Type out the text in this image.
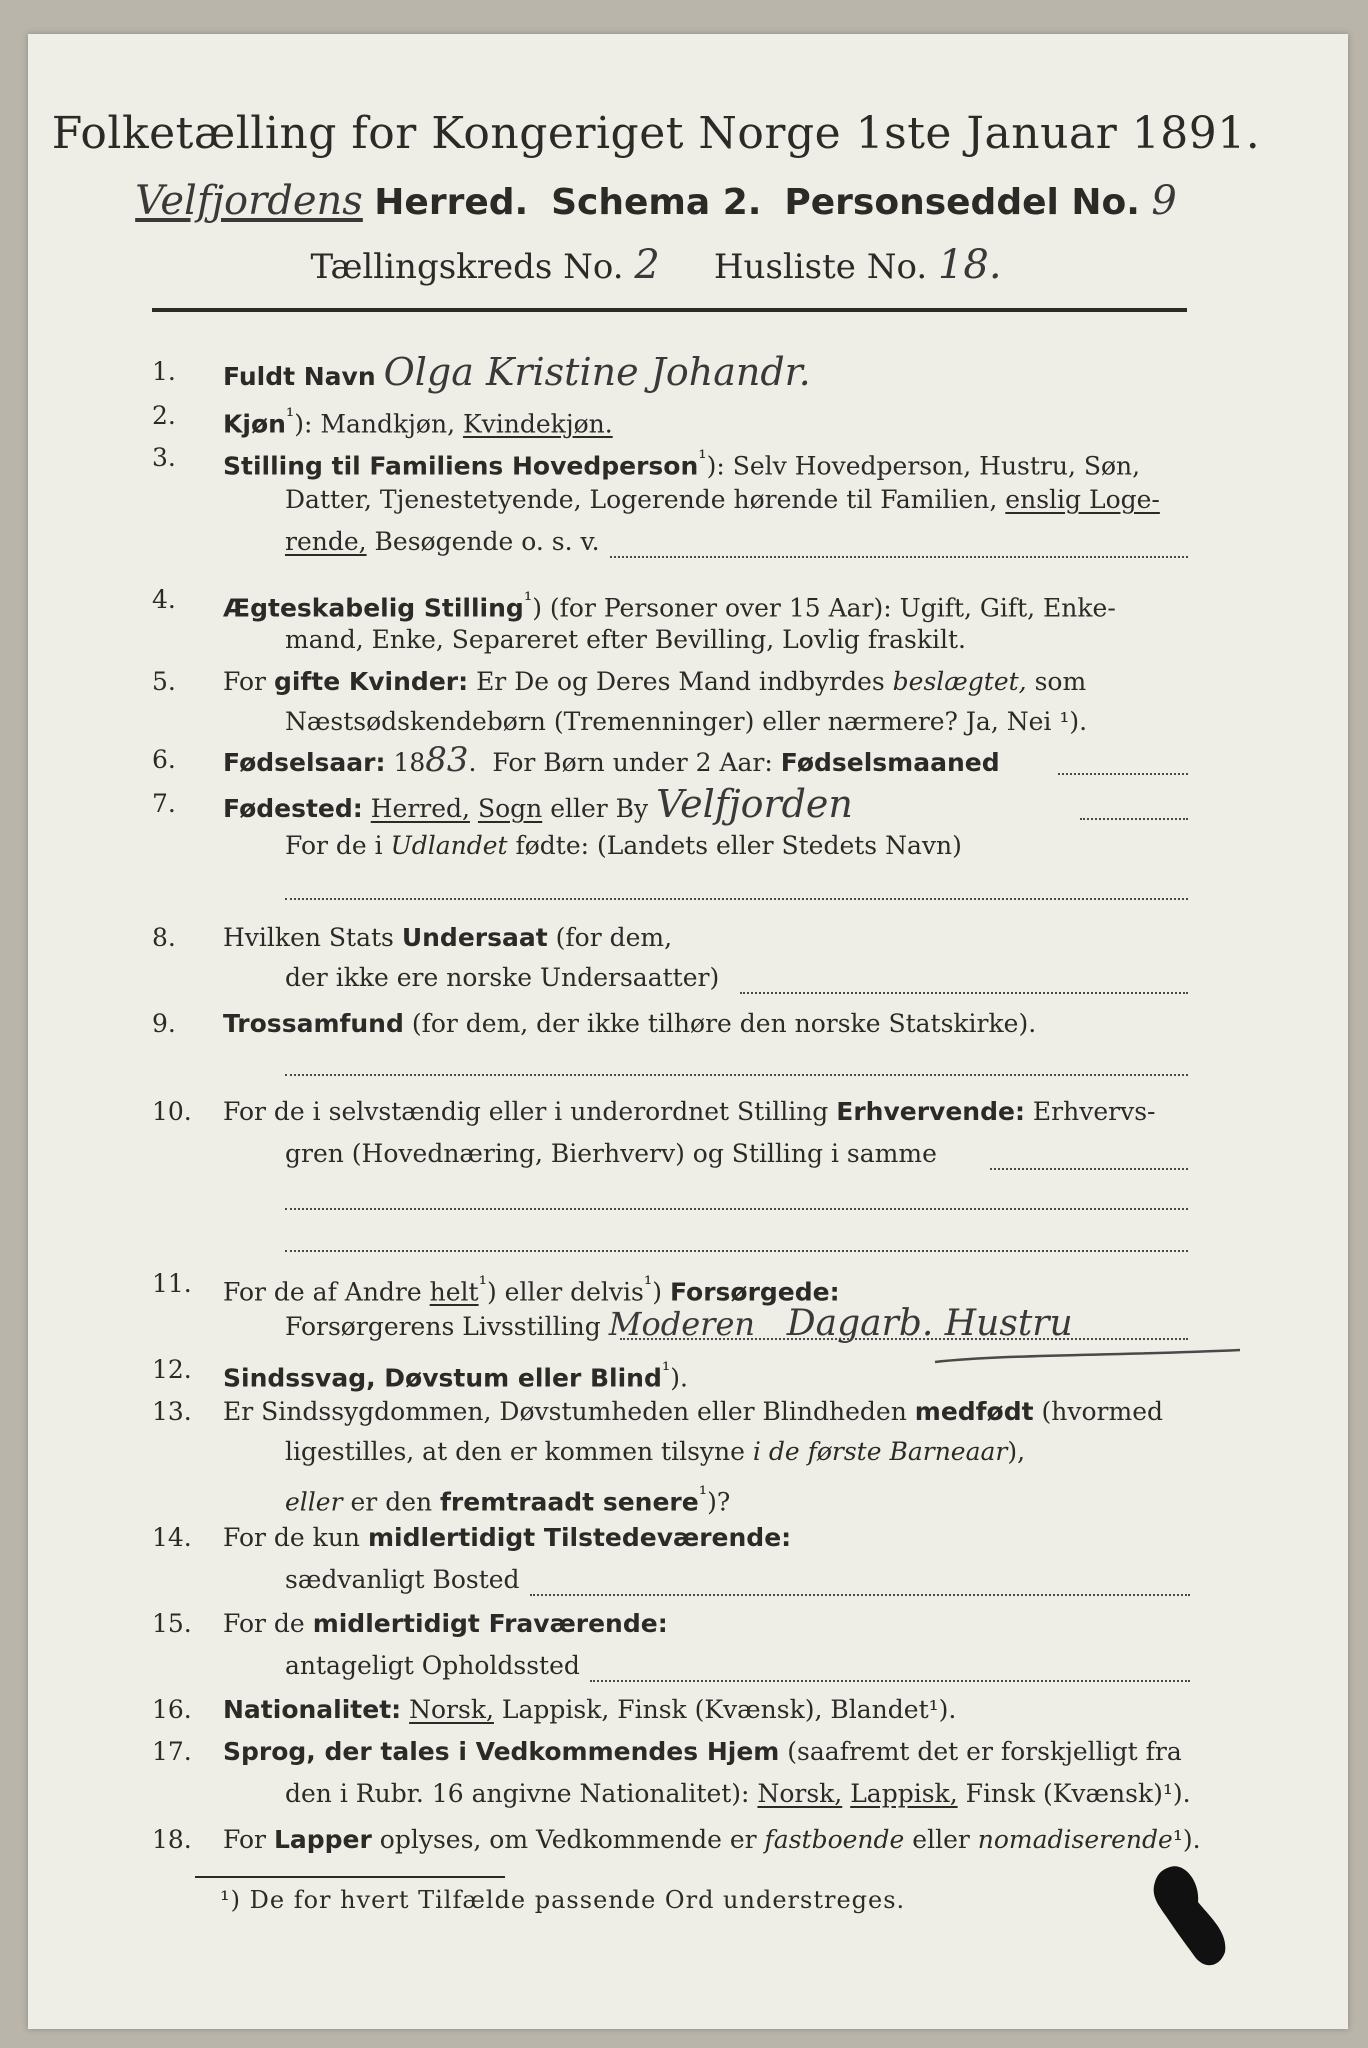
Folketælling for Kongeriget Norge 1ste Januar 1891.
Velfjordens Herred. Schema 2. Personseddel No. 9
Tællingskreds No. 2 Husliste No. 18.
1.	Fuldt Navn Olga Kristine Johandr.
2.	Kjøn$^{^1}$): Mandkjøn, Kvindekjøn.
3.	Stilling til Familiens Hovedperson$^{^1}$): Selv Hovedperson, Hustru, Søn,
Datter, Tjenestetyende, Logerende hørende til Familien, enslig Loge-
rende, Besøgende o. s. v.
4.	Ægteskabelig Stilling$^{^1}$) (for Personer over 15 Aar): Ugift, Gift, Enke-
mand, Enke, Separeret efter Bevilling, Lovlig fraskilt.
5.	For gifte Kvinder: Er De og Deres Mand indbyrdes beslægtet, som
Næstsødskendebørn (Tremenninger) eller nærmere? Ja, Nei ¹).
6.	Fødselsaar: 1883.  For Børn under 2 Aar: Fødselsmaaned
7.	Fødested: Herred, Sogn eller By Velfjorden
For de i Udlandet fødte: (Landets eller Stedets Navn)
8.	Hvilken Stats Undersaat (for dem,
der ikke ere norske Undersaatter)
9.	Trossamfund (for dem, der ikke tilhøre den norske Statskirke).
10.	For de i selvstændig eller i underordnet Stilling Erhvervende: Erhvervs-
gren (Hovednæring, Bierhverv) og Stilling i samme
11.	For de af Andre helt$^{^1}$) eller delvis$^{^1}$) Forsørgede:
Forsørgerens Livsstilling Moderen Dagarb. Hustru
12.	Sindssvag, Døvstum eller Blind$^{^1}$).
13.	Er Sindssygdommen, Døvstumheden eller Blindheden medfødt (hvormed
ligestilles, at den er kommen tilsyne i de første Barneaar),
eller er den fremtraadt senere$^{^1}$)?
14.	For de kun midlertidigt Tilstedeværende:
sædvanligt Bosted
15.	For de midlertidigt Fraværende:
antageligt Opholdssted
16.	Nationalitet: Norsk, Lappisk, Finsk (Kvænsk), Blandet¹).
17.	Sprog, der tales i Vedkommendes Hjem (saafremt det er forskjelligt fra
den i Rubr. 16 angivne Nationalitet): Norsk, Lappisk, Finsk (Kvænsk)¹).
18.	For Lapper oplyses, om Vedkommende er fastboende eller nomadiserende¹).
¹) De for hvert Tilfælde passende Ord understreges.
